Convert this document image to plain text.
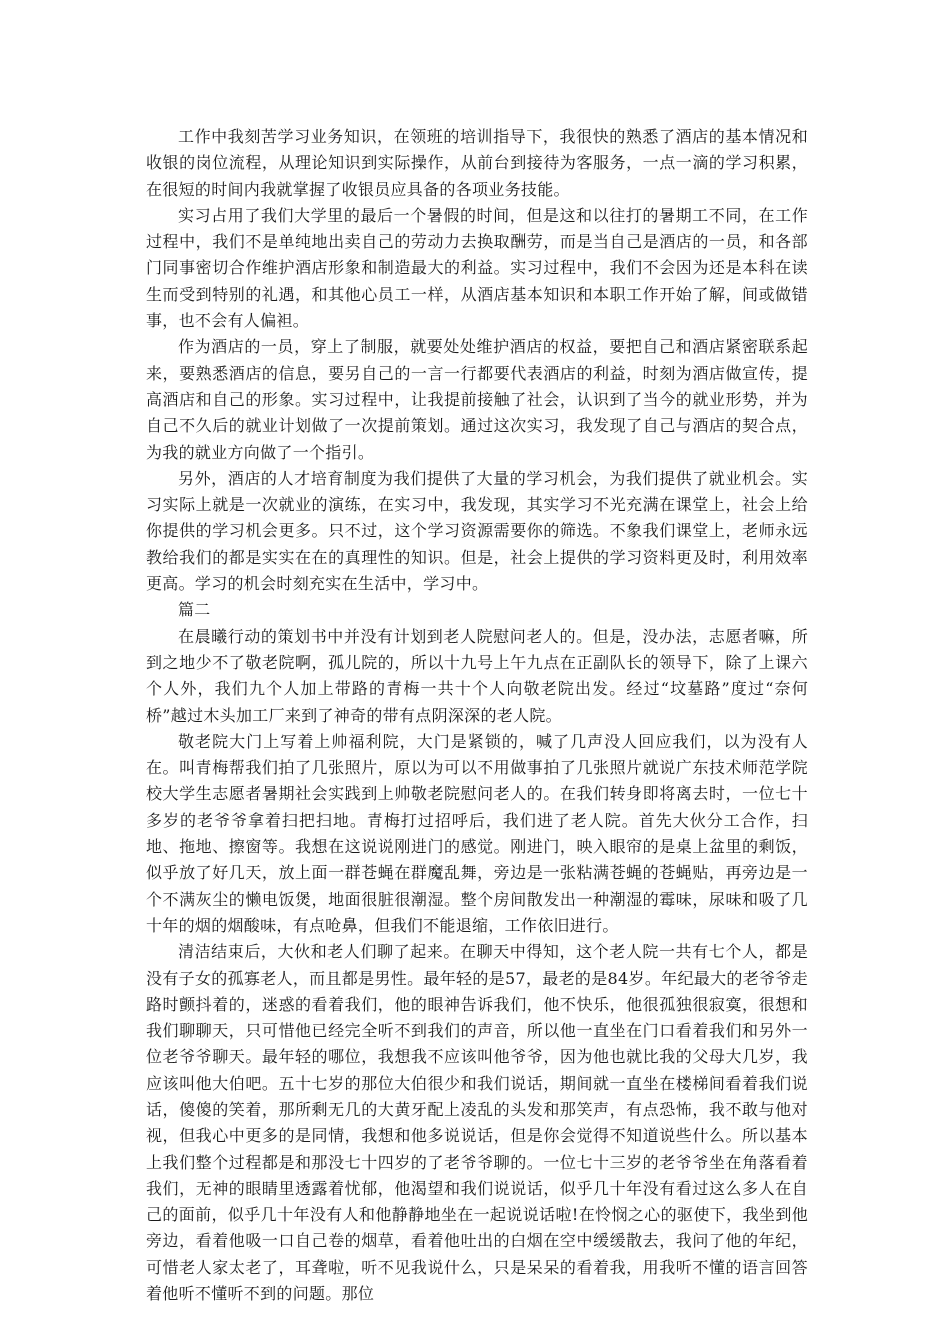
工作中我刻苦学习业务知识，在领班的培训指导下，我很快的熟悉了酒店的基本情况和收银的岗位流程，从理论知识到实际操作，从前台到接待为客服务，一点一滴的学习积累，在很短的时间内我就掌握了收银员应具备的各项业务技能。

实习占用了我们大学里的最后一个暑假的时间，但是这和以往打的暑期工不同，在工作过程中，我们不是单纯地出卖自己的劳动力去换取酬劳，而是当自己是酒店的一员，和各部门同事密切合作维护酒店形象和制造最大的利益。实习过程中，我们不会因为还是本科在读生而受到特别的礼遇，和其他心员工一样，从酒店基本知识和本职工作开始了解，间或做错事，也不会有人偏袒。

作为酒店的一员，穿上了制服，就要处处维护酒店的权益，要把自己和酒店紧密联系起来，要熟悉酒店的信息，要另自己的一言一行都要代表酒店的利益，时刻为酒店做宣传，提高酒店和自己的形象。实习过程中，让我提前接触了社会，认识到了当今的就业形势，并为自己不久后的就业计划做了一次提前策划。通过这次实习，我发现了自己与酒店的契合点，为我的就业方向做了一个指引。

另外，酒店的人才培育制度为我们提供了大量的学习机会，为我们提供了就业机会。实习实际上就是一次就业的演练，在实习中，我发现，其实学习不光充满在课堂上，社会上给你提供的学习机会更多。只不过，这个学习资源需要你的筛选。不象我们课堂上，老师永远教给我们的都是实实在在的真理性的知识。但是，社会上提供的学习资料更及时，利用效率更高。学习的机会时刻充实在生活中，学习中。

篇二

在晨曦行动的策划书中并没有计划到老人院慰问老人的。但是，没办法，志愿者嘛，所到之地少不了敬老院啊，孤儿院的，所以十九号上午九点在正副队长的领导下，除了上课六个人外，我们九个人加上带路的青梅一共十个人向敬老院出发。经过“坟墓路”度过“奈何桥”越过木头加工厂来到了神奇的带有点阴深深的老人院。

敬老院大门上写着上帅福利院，大门是紧锁的，喊了几声没人回应我们，以为没有人在。叫青梅帮我们拍了几张照片，原以为可以不用做事拍了几张照片就说广东技术师范学院校大学生志愿者暑期社会实践到上帅敬老院慰问老人的。在我们转身即将离去时，一位七十多岁的老爷爷拿着扫把扫地。青梅打过招呼后，我们进了老人院。首先大伙分工合作，扫地、拖地、擦窗等。我想在这说说刚进门的感觉。刚进门，映入眼帘的是桌上盆里的剩饭，似乎放了好几天，放上面一群苍蝇在群魔乱舞，旁边是一张粘满苍蝇的苍蝇贴，再旁边是一个不满灰尘的懒电饭煲，地面很脏很潮湿。整个房间散发出一种潮湿的霉味，尿味和吸了几十年的烟的烟酸味，有点呛鼻，但我们不能退缩，工作依旧进行。

清洁结束后，大伙和老人们聊了起来。在聊天中得知，这个老人院一共有七个人，都是没有子女的孤寡老人，而且都是男性。最年轻的是57，最老的是84岁。年纪最大的老爷爷走路时颤抖着的，迷惑的看着我们，他的眼神告诉我们，他不快乐，他很孤独很寂寞，很想和我们聊聊天，只可惜他已经完全听不到我们的声音，所以他一直坐在门口看着我们和另外一位老爷爷聊天。最年轻的哪位，我想我不应该叫他爷爷，因为他也就比我的父母大几岁，我应该叫他大伯吧。五十七岁的那位大伯很少和我们说话，期间就一直坐在楼梯间看着我们说话，傻傻的笑着，那所剩无几的大黄牙配上凌乱的头发和那笑声，有点恐怖，我不敢与他对视，但我心中更多的是同情，我想和他多说说话，但是你会觉得不知道说些什么。所以基本上我们整个过程都是和那没七十四岁的了老爷爷聊的。一位七十三岁的老爷爷坐在角落看着我们，无神的眼睛里透露着忧郁，他渴望和我们说说话，似乎几十年没有看过这么多人在自己的面前，似乎几十年没有人和他静静地坐在一起说说话啦!在怜悯之心的驱使下，我坐到他旁边，看着他吸一口自己卷的烟草，看着他吐出的白烟在空中缓缓散去，我问了他的年纪，可惜老人家太老了，耳聋啦，听不见我说什么，只是呆呆的看着我，用我听不懂的语言回答着他听不懂听不到的问题。那位
